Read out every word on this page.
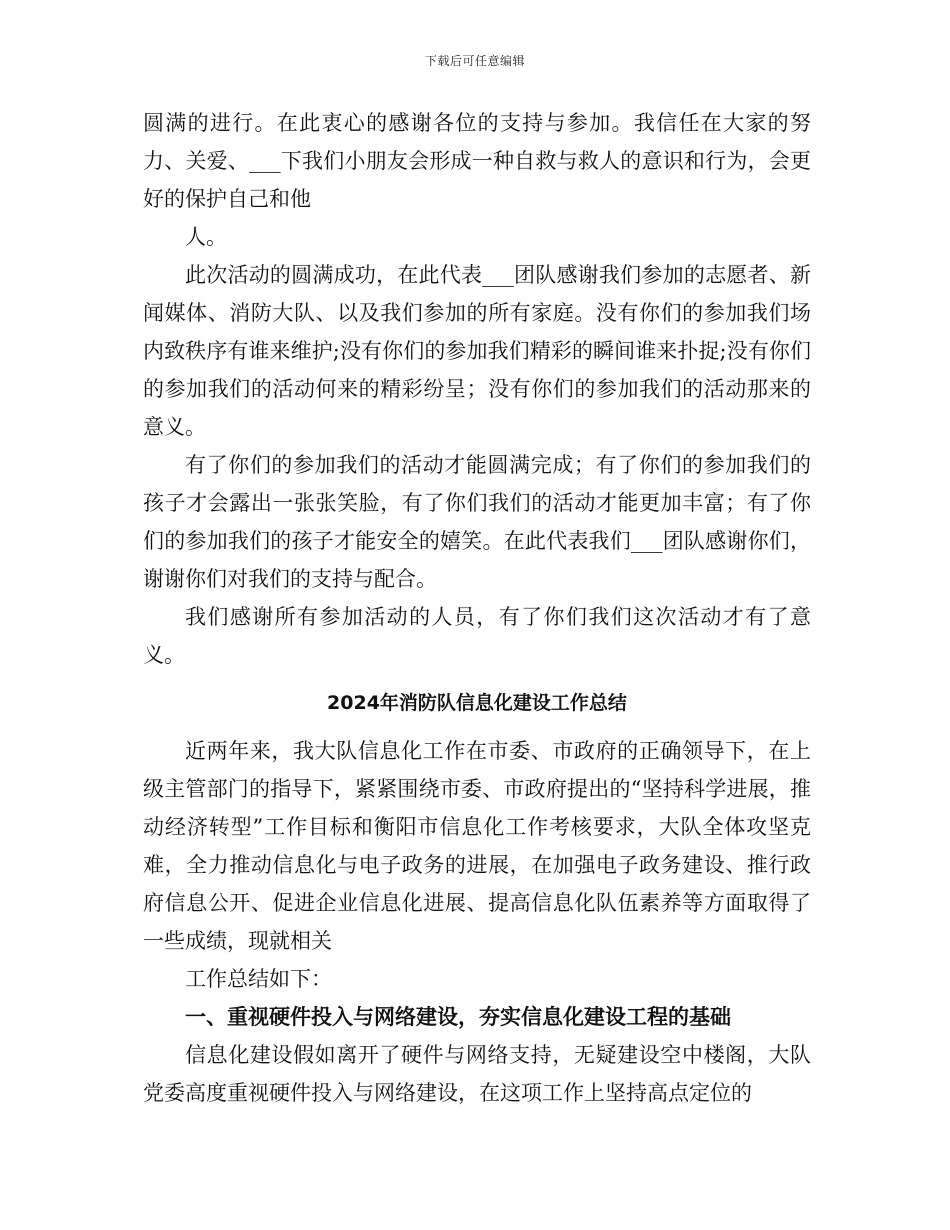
下载后可任意编辑

圆满的进行。在此衷心的感谢各位的支持与参加。我信任在大家的努力、关爱、___下我们小朋友会形成一种自救与救人的意识和行为，会更好的保护自己和他

人。

此次活动的圆满成功，在此代表___团队感谢我们参加的志愿者、新闻媒体、消防大队、以及我们参加的所有家庭。没有你们的参加我们场内致秩序有谁来维护;没有你们的参加我们精彩的瞬间谁来扑捉;没有你们的参加我们的活动何来的精彩纷呈；没有你们的参加我们的活动那来的意义。

有了你们的参加我们的活动才能圆满完成；有了你们的参加我们的孩子才会露出一张张笑脸，有了你们我们的活动才能更加丰富；有了你们的参加我们的孩子才能安全的嬉笑。在此代表我们___团队感谢你们，谢谢你们对我们的支持与配合。

我们感谢所有参加活动的人员，有了你们我们这次活动才有了意义。

2024年消防队信息化建设工作总结

近两年来，我大队信息化工作在市委、市政府的正确领导下，在上级主管部门的指导下，紧紧围绕市委、市政府提出的“坚持科学进展，推动经济转型”工作目标和衡阳市信息化工作考核要求，大队全体攻坚克难，全力推动信息化与电子政务的进展，在加强电子政务建设、推行政府信息公开、促进企业信息化进展、提高信息化队伍素养等方面取得了一些成绩，现就相关

工作总结如下：

一、重视硬件投入与网络建设，夯实信息化建设工程的基础

信息化建设假如离开了硬件与网络支持，无疑建设空中楼阁，大队党委高度重视硬件投入与网络建设，在这项工作上坚持高点定位的
